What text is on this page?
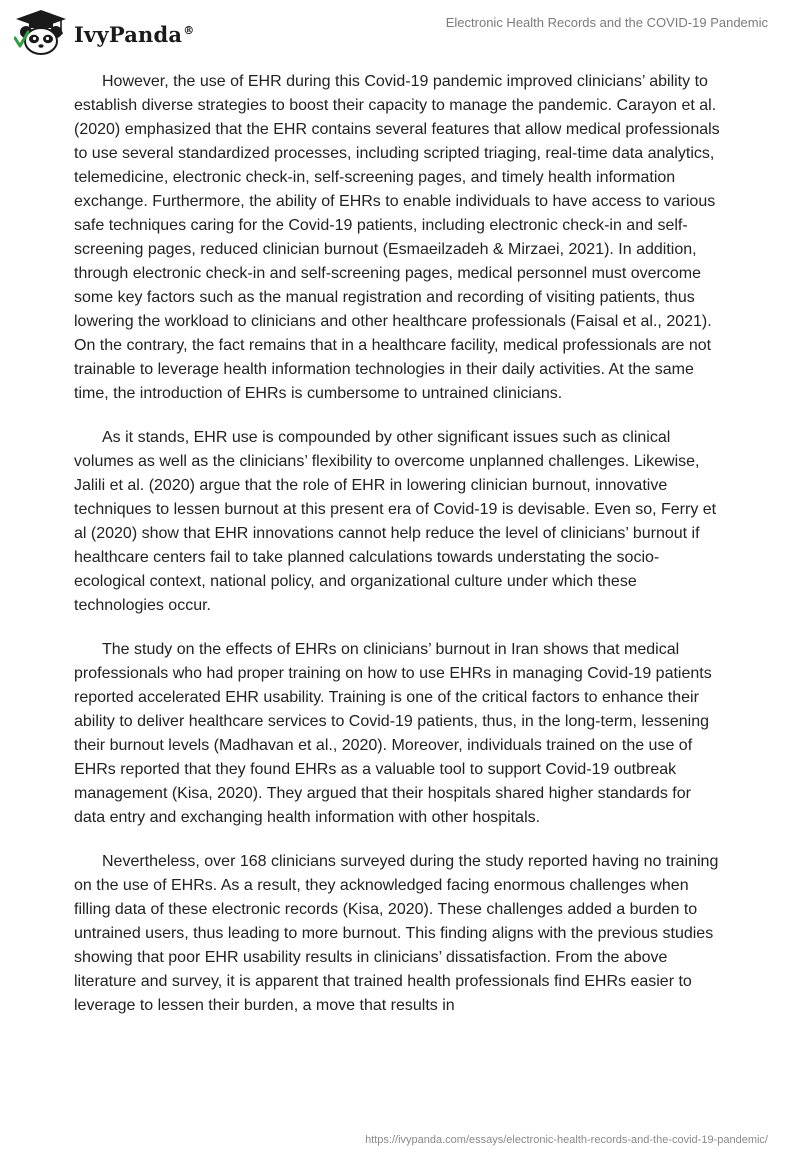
IvyPanda®	Electronic Health Records and the COVID-19 Pandemic

However, the use of EHR during this Covid-19 pandemic improved clinicians’ ability to establish diverse strategies to boost their capacity to manage the pandemic. Carayon et al. (2020) emphasized that the EHR contains several features that allow medical professionals to use several standardized processes, including scripted triaging, real-time data analytics, telemedicine, electronic check-in, self-screening pages, and timely health information exchange. Furthermore, the ability of EHRs to enable individuals to have access to various safe techniques caring for the Covid-19 patients, including electronic check-in and self-screening pages, reduced clinician burnout (Esmaeilzadeh & Mirzaei, 2021). In addition, through electronic check-in and self-screening pages, medical personnel must overcome some key factors such as the manual registration and recording of visiting patients, thus lowering the workload to clinicians and other healthcare professionals (Faisal et al., 2021). On the contrary, the fact remains that in a healthcare facility, medical professionals are not trainable to leverage health information technologies in their daily activities. At the same time, the introduction of EHRs is cumbersome to untrained clinicians.

As it stands, EHR use is compounded by other significant issues such as clinical volumes as well as the clinicians’ flexibility to overcome unplanned challenges. Likewise, Jalili et al. (2020) argue that the role of EHR in lowering clinician burnout, innovative techniques to lessen burnout at this present era of Covid-19 is devisable. Even so, Ferry et al (2020) show that EHR innovations cannot help reduce the level of clinicians’ burnout if healthcare centers fail to take planned calculations towards understating the socio-ecological context, national policy, and organizational culture under which these technologies occur.

The study on the effects of EHRs on clinicians’ burnout in Iran shows that medical professionals who had proper training on how to use EHRs in managing Covid-19 patients reported accelerated EHR usability. Training is one of the critical factors to enhance their ability to deliver healthcare services to Covid-19 patients, thus, in the long-term, lessening their burnout levels (Madhavan et al., 2020). Moreover, individuals trained on the use of EHRs reported that they found EHRs as a valuable tool to support Covid-19 outbreak management (Kisa, 2020). They argued that their hospitals shared higher standards for data entry and exchanging health information with other hospitals.

Nevertheless, over 168 clinicians surveyed during the study reported having no training on the use of EHRs. As a result, they acknowledged facing enormous challenges when filling data of these electronic records (Kisa, 2020). These challenges added a burden to untrained users, thus leading to more burnout. This finding aligns with the previous studies showing that poor EHR usability results in clinicians’ dissatisfaction. From the above literature and survey, it is apparent that trained health professionals find EHRs easier to leverage to lessen their burden, a move that results in

https://ivypanda.com/essays/electronic-health-records-and-the-covid-19-pandemic/
